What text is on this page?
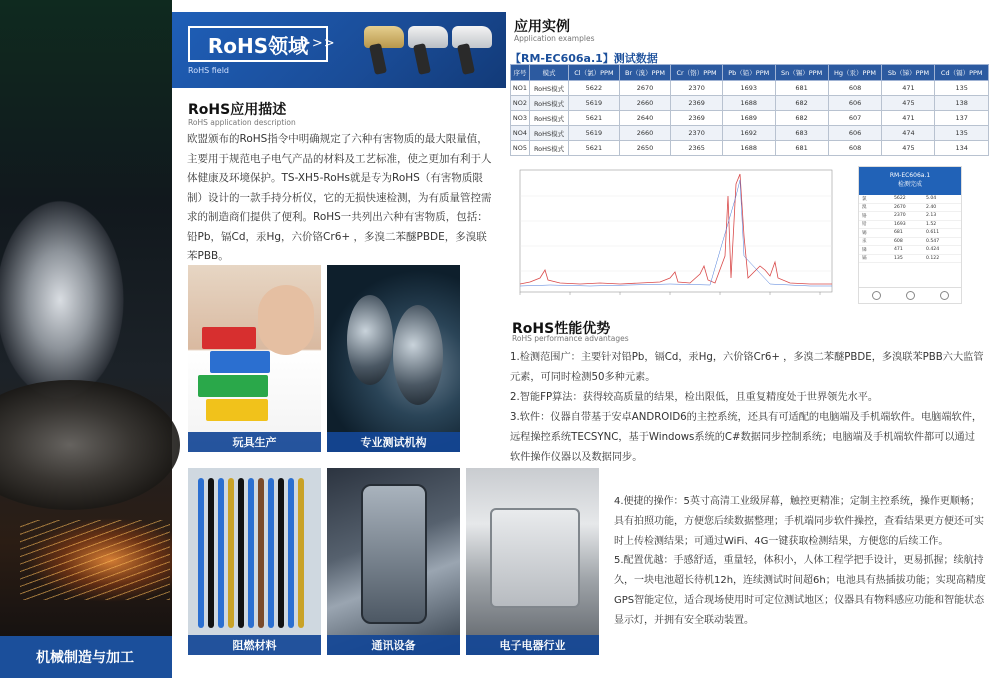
机械制造与加工
RoHS领域
>>>
RoHS field
RoHS应用描述
RoHS application description
欧盟颁布的RoHS指令中明确规定了六种有害物质的最大限量值，主要用于规范电子电气产品的材料及工艺标准，使之更加有利于人体健康及环境保护。TS-XH5-RoHs就是专为RoHS（有害物质限制）设计的一款手持分析仪，它的无损快速检测，为有质量管控需求的制造商们提供了便利。RoHS一共列出六种有害物质，包括：铅Pb，镉Cd，汞Hg，六价铬Cr6+ ，多溴二苯醚PBDE，多溴联苯PBB。
玩具生产	专业测试机构
阻燃材料	通讯设备	电子电器行业
应用实例
Application examples
【RM-EC606a.1】测试数据
序号	模式	Cl（氯）PPM	Br（溴）PPM	Cr（铬）PPM	Pb（铅）PPM	Sn（锡）PPM	Hg（汞）PPM	Sb（锑）PPM	Cd（镉）PPM
NO1	RoHS模式	5622	2670	2370	1693	681	608	471	135
NO2	RoHS模式	5619	2660	2369	1688	682	606	475	138
NO3	RoHS模式	5621	2640	2369	1689	682	607	471	137
NO4	RoHS模式	5619	2660	2370	1692	683	606	474	135
NO5	RoHS模式	5621	2650	2365	1688	681	608	475	134
RM-EC606a.1
检测完成
氯	5622	5.04
溴	2670	2.40
铬	2370	2.13
铅	1693	1.52
锡	681	0.611
汞	608	0.547
锑	471	0.424
镉	135	0.122
RoHS性能优势
RoHS performance advantages

1.检测范围广：主要针对铅Pb，镉Cd，汞Hg，六价铬Cr6+ ，多溴二苯醚PBDE，多溴联苯PBB六大监管元素，可同时检测50多种元素。

2.智能FP算法：获得较高质量的结果，检出限低，且重复精度处于世界领先水平。

3.软件：仪器自带基于安卓ANDROID6的主控系统，还具有可适配的电脑端及手机端软件。电脑端软件，远程操控系统TECSYNC，基于Windows系统的C#数据同步控制系统；电脑端及手机端软件都可以通过软件操作仪器以及数据同步。

4.便捷的操作：5英寸高清工业级屏幕，触控更精准；定制主控系统，操作更顺畅；具有拍照功能，方便您后续数据整理；手机端同步软件操控，查看结果更方便还可实时上传检测结果；可通过WiFi、4G一键获取检测结果，方便您的后续工作。

5.配置优越：手感舒适，重量轻，体积小，人体工程学把手设计，更易抓握；续航持久，一块电池超长待机12h，连续测试时间超6h；电池具有热插拔功能；实现高精度GPS智能定位，适合现场使用时可定位测试地区；仪器具有物料感应功能和智能状态显示灯，并拥有安全联动装置。
